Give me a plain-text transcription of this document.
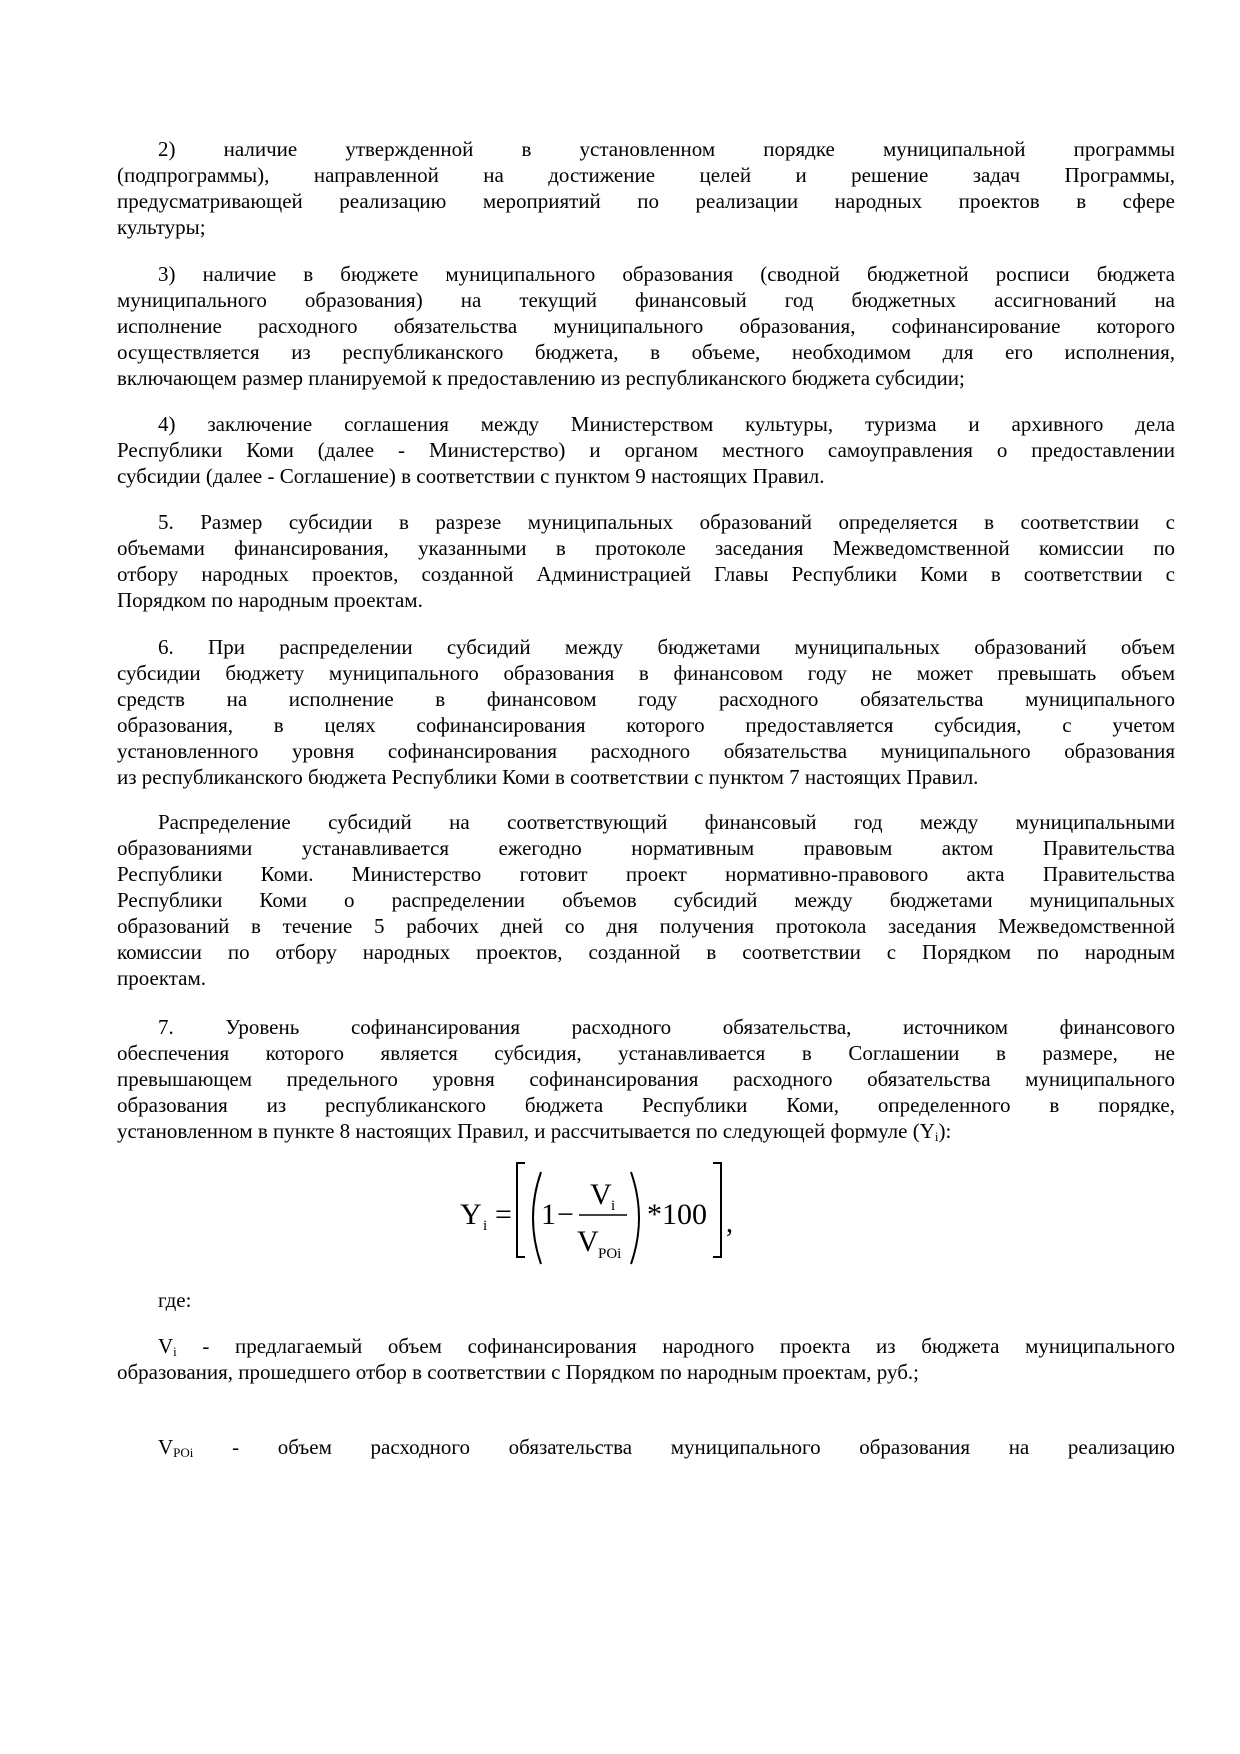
2) наличие утвержденной в установленном порядке муниципальной программы
(подпрограммы), направленной на достижение целей и решение задач Программы,
предусматривающей реализацию мероприятий по реализации народных проектов в сфере
культуры;
3) наличие в бюджете муниципального образования (сводной бюджетной росписи бюджета
муниципального образования) на текущий финансовый год бюджетных ассигнований на
исполнение расходного обязательства муниципального образования, софинансирование которого
осуществляется из республиканского бюджета, в объеме, необходимом для его исполнения,
включающем размер планируемой к предоставлению из республиканского бюджета субсидии;
4) заключение соглашения между Министерством культуры, туризма и архивного дела
Республики Коми (далее - Министерство) и органом местного самоуправления о предоставлении
субсидии (далее - Соглашение) в соответствии с пунктом 9 настоящих Правил.
5. Размер субсидии в разрезе муниципальных образований определяется в соответствии с
объемами финансирования, указанными в протоколе заседания Межведомственной комиссии по
отбору народных проектов, созданной Администрацией Главы Республики Коми в соответствии с
Порядком по народным проектам.
6. При распределении субсидий между бюджетами муниципальных образований объем
субсидии бюджету муниципального образования в финансовом году не может превышать объем
средств на исполнение в финансовом году расходного обязательства муниципального
образования, в целях софинансирования которого предоставляется субсидия, с учетом
установленного уровня софинансирования расходного обязательства муниципального образования
из республиканского бюджета Республики Коми в соответствии с пунктом 7 настоящих Правил.
Распределение субсидий на соответствующий финансовый год между муниципальными
образованиями устанавливается ежегодно нормативным правовым актом Правительства
Республики Коми. Министерство готовит проект нормативно-правового акта Правительства
Республики Коми о распределении объемов субсидий между бюджетами муниципальных
образований в течение 5 рабочих дней со дня получения протокола заседания Межведомственной
комиссии по отбору народных проектов, созданной в соответствии с Порядком по народным
проектам.
7. Уровень софинансирования расходного обязательства, источником финансового
обеспечения которого является субсидия, устанавливается в Соглашении в размере, не
превышающем предельного уровня софинансирования расходного обязательства муниципального
образования из республиканского бюджета Республики Коми, определенного в порядке,
установленном в пункте 8 настоящих Правил, и рассчитывается по следующей формуле $(Y_i)$:
Y i = 1 −
V i
V POi
*100 ,
где:
$V_i$ - предлагаемый объем софинансирования народного проекта из бюджета муниципального
образования, прошедшего отбор в соответствии с Порядком по народным проектам, руб.;
$V_{POi}$ - объем расходного обязательства муниципального образования на реализацию
